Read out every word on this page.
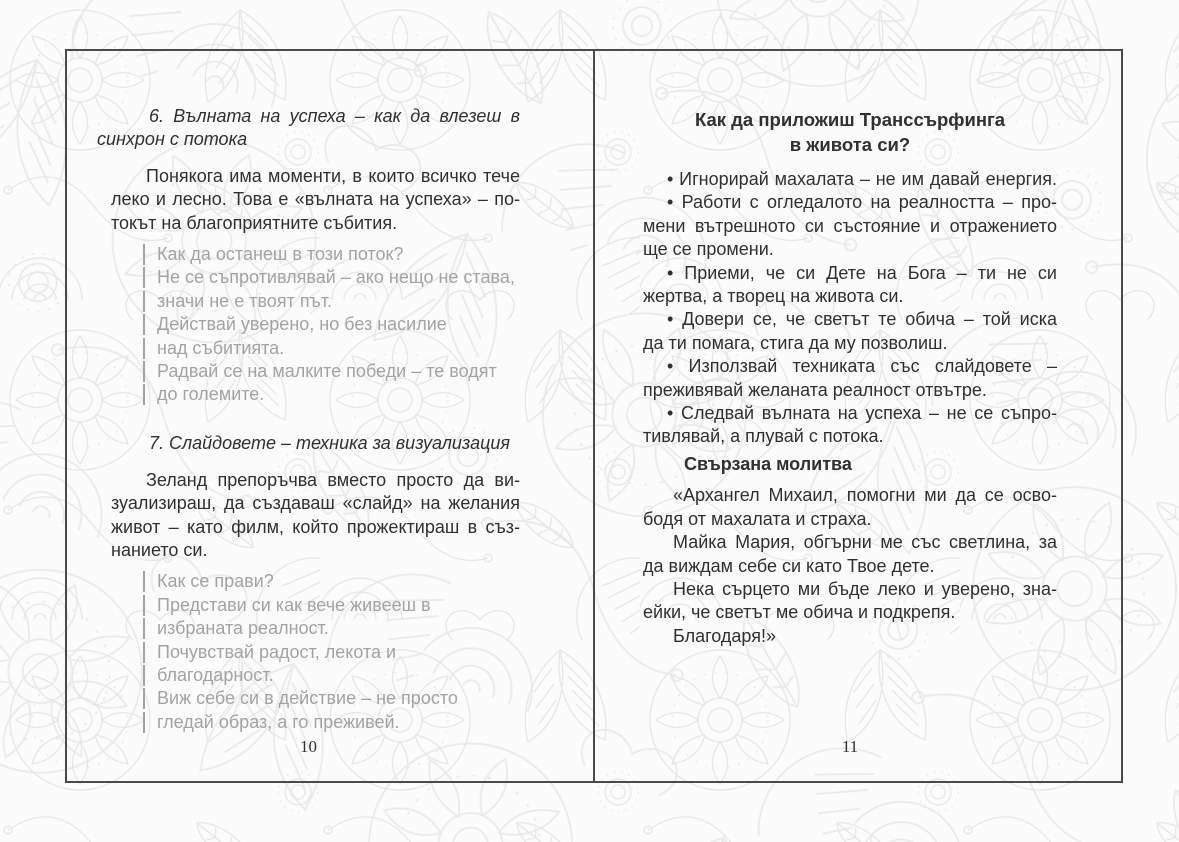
6. Вълната на успеха – как да влезеш в
синхрон с потока
Понякога има моменти, в които всичко тече
леко и лесно. Това е «вълната на успеха» – по-
токът на благоприятните събития.
Как да останеш в този поток?
Не се съпротивлявай – ако нещо не става,
значи не е твоят път.
Действай уверено, но без насилие
над събитията.
Радвай се на малките победи – те водят
до големите.
7. Слайдовете – техника за визуализация
Зеланд препоръчва вместо просто да ви-
зуализираш, да създаваш «слайд» на желания
живот – като филм, който прожектираш в съз-
нанието си.
Как се прави?
Представи си как вече живееш в
избраната реалност.
Почувствай радост, лекота и
благодарност.
Виж себе си в действие – не просто
гледай образ, а го преживей.
Как да приложиш Транссърфинга
в живота си?
• Игнорирай махалата – не им давай енергия.
• Работи с огледалото на реалността – про-
мени вътрешното си състояние и отражението
ще се промени.
• Приеми, че си Дете на Бога – ти не си
жертва, а творец на живота си.
• Довери се, че светът те обича – той иска
да ти помага, стига да му позволиш.
• Използвай техниката със слайдовете –
преживявай желаната реалност отвътре.
• Следвай вълната на успеха – не се съпро-
тивлявай, а плувай с потока.
Свързана молитва
«Архангел Михаил, помогни ми да се осво-
бодя от махалата и страха.
Майка Мария, обгърни ме със светлина, за
да виждам себе си като Твое дете.
Нека сърцето ми бъде леко и уверено, зна-
ейки, че светът ме обича и подкрепя.
Благодаря!»
10	11
